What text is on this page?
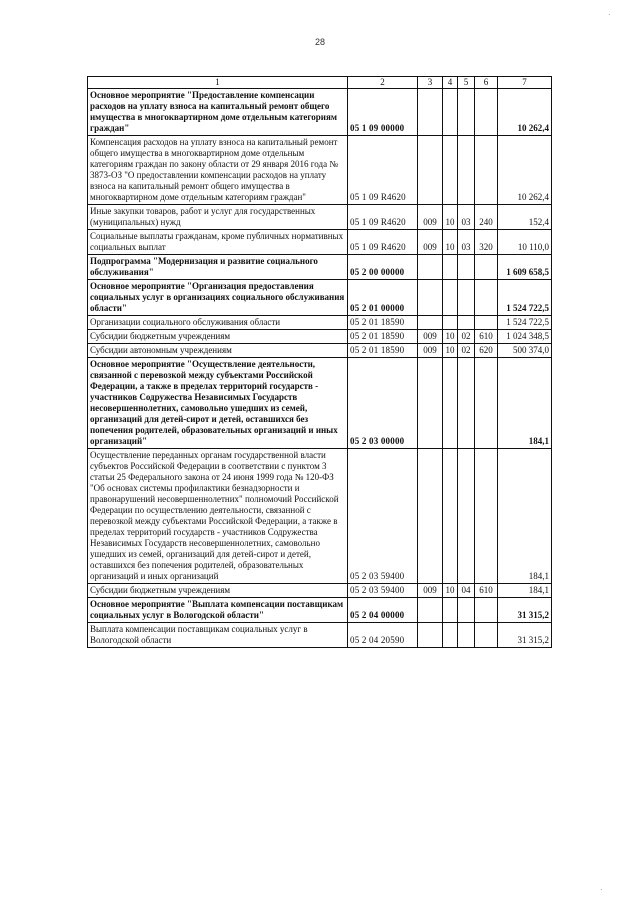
28
1	2	3	4	5	6	7
Основное мероприятие "Предоставление компенсации расходов на уплату взноса на капитальный ремонт общего имущества в многоквартирном доме отдельным категориям граждан"	05 1 09 00000					10 262,4
Компенсация расходов на уплату взноса на капитальный ремонт общего имущества в многоквартирном доме отдельным категориям граждан по закону области от 29 января 2016 года № 3873-ОЗ "О предоставлении компенсации расходов на уплату взноса на капитальный ремонт общего имущества в многоквартирном доме отдельным категориям граждан"	05 1 09 R4620					10 262,4
Иные закупки товаров, работ и услуг для государственных (муниципальных) нужд	05 1 09 R4620	009	10	03	240	152,4
Социальные выплаты гражданам, кроме публичных нормативных социальных выплат	05 1 09 R4620	009	10	03	320	10 110,0
Подпрограмма "Модернизация и развитие социального обслуживания"	05 2 00 00000					1 609 658,5
Основное мероприятие "Организация предоставления социальных услуг в организациях социального обслуживания области"	05 2 01 00000					1 524 722,5
Организации социального обслуживания области	05 2 01 18590					1 524 722,5
Субсидии бюджетным учреждениям	05 2 01 18590	009	10	02	610	1 024 348,5
Субсидии автономным учреждениям	05 2 01 18590	009	10	02	620	500 374,0
Основное мероприятие "Осуществление деятельности, связанной с перевозкой между субъектами Российской Федерации, а также в пределах территорий государств - участников Содружества Независимых Государств несовершеннолетних, самовольно ушедших из семей, организаций для детей-сирот и детей, оставшихся без попечения родителей, образовательных организаций и иных организаций"	05 2 03 00000					184,1
Осуществление переданных органам государственной власти субъектов Российской Федерации в соответствии с пунктом 3 статьи 25 Федерального закона от 24 июня 1999 года № 120-ФЗ "Об основах системы профилактики безнадзорности и правонарушений несовершеннолетних" полномочий Российской Федерации по осуществлению деятельности, связанной с перевозкой между субъектами Российской Федерации, а также в пределах территорий государств - участников Содружества Независимых Государств несовершеннолетних, самовольно ушедших из семей, организаций для детей-сирот и детей, оставшихся без попечения родителей, образовательных организаций и иных организаций	05 2 03 59400					184,1
Субсидии бюджетным учреждениям	05 2 03 59400	009	10	04	610	184,1
Основное мероприятие "Выплата компенсации поставщикам социальных услуг в Вологодской области"	05 2 04 00000					31 315,2
Выплата компенсации поставщикам социальных услуг в Вологодской области	05 2 04 20590					31 315,2
·
·
